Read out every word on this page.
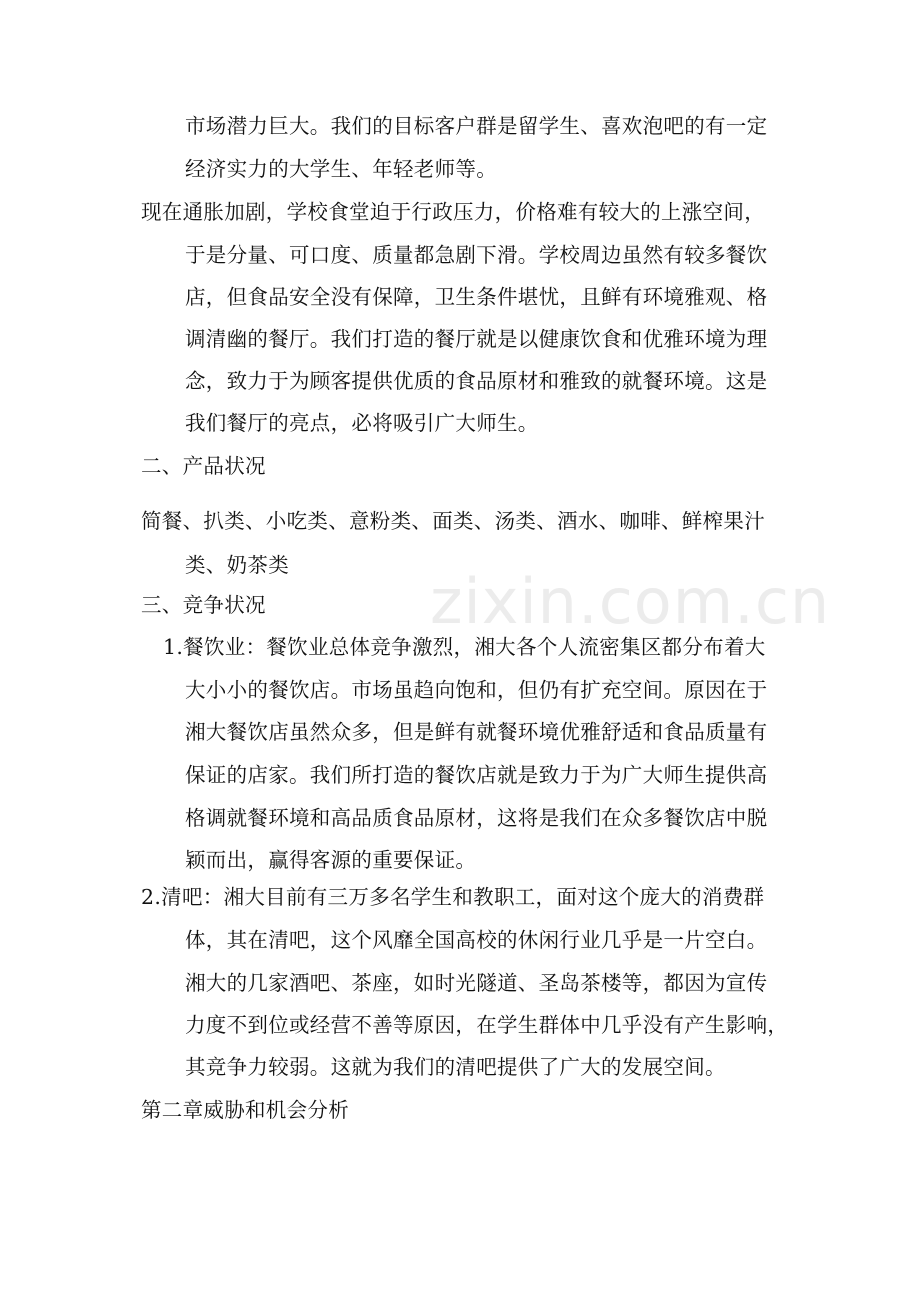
zixin.com.cn
市场潜力巨大。我们的目标客户群是留学生、喜欢泡吧的有一定
经济实力的大学生、年轻老师等。
现在通胀加剧，学校食堂迫于行政压力，价格难有较大的上涨空间，
于是分量、可口度、质量都急剧下滑。学校周边虽然有较多餐饮
店，但食品安全没有保障，卫生条件堪忧，且鲜有环境雅观、格
调清幽的餐厅。我们打造的餐厅就是以健康饮食和优雅环境为理
念，致力于为顾客提供优质的食品原材和雅致的就餐环境。这是
我们餐厅的亮点，必将吸引广大师生。
二、产品状况
简餐、扒类、小吃类、意粉类、面类、汤类、酒水、咖啡、鲜榨果汁
类、奶茶类
三、竞争状况
1.餐饮业：餐饮业总体竞争激烈，湘大各个人流密集区都分布着大
大小小的餐饮店。市场虽趋向饱和，但仍有扩充空间。原因在于
湘大餐饮店虽然众多，但是鲜有就餐环境优雅舒适和食品质量有
保证的店家。我们所打造的餐饮店就是致力于为广大师生提供高
格调就餐环境和高品质食品原材，这将是我们在众多餐饮店中脱
颖而出，赢得客源的重要保证。
2.清吧：湘大目前有三万多名学生和教职工，面对这个庞大的消费群
体，其在清吧，这个风靡全国高校的休闲行业几乎是一片空白。
湘大的几家酒吧、茶座，如时光隧道、圣岛茶楼等，都因为宣传
力度不到位或经营不善等原因，在学生群体中几乎没有产生影响，
其竞争力较弱。这就为我们的清吧提供了广大的发展空间。
第二章威胁和机会分析
